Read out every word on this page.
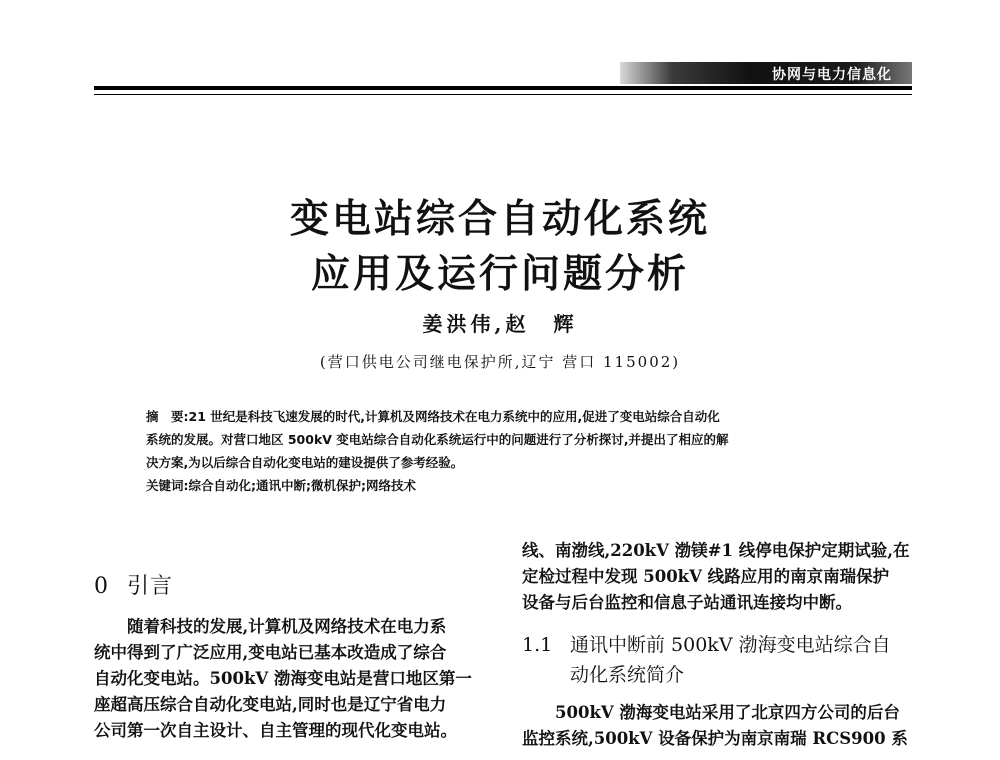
协网与电力信息化
变电站综合自动化系统
应用及运行问题分析
姜洪伟,赵　辉
(营口供电公司继电保护所,辽宁 营口 115002)

摘　要:21 世纪是科技飞速发展的时代,计算机及网络技术在电力系统中的应用,促进了变电站综合自动化

系统的发展。对营口地区 500kV 变电站综合自动化系统运行中的问题进行了分析探讨,并提出了相应的解

决方案,为以后综合自动化变电站的建设提供了参考经验。

关键词:综合自动化;通讯中断;微机保护;网络技术

0 引言

随着科技的发展,计算机及网络技术在电力系

统中得到了广泛应用,变电站已基本改造成了综合

自动化变电站。500kV 渤海变电站是营口地区第一

座超高压综合自动化变电站,同时也是辽宁省电力

公司第一次自主设计、自主管理的现代化变电站。

线、南渤线,220kV 渤镁#1 线停电保护定期试验,在

定检过程中发现 500kV 线路应用的南京南瑞保护

设备与后台监控和信息子站通讯连接均中断。

1.1 通讯中断前 500kV 渤海变电站综合自
动化系统简介

500kV 渤海变电站采用了北京四方公司的后台

监控系统,500kV 设备保护为南京南瑞 RCS900 系
